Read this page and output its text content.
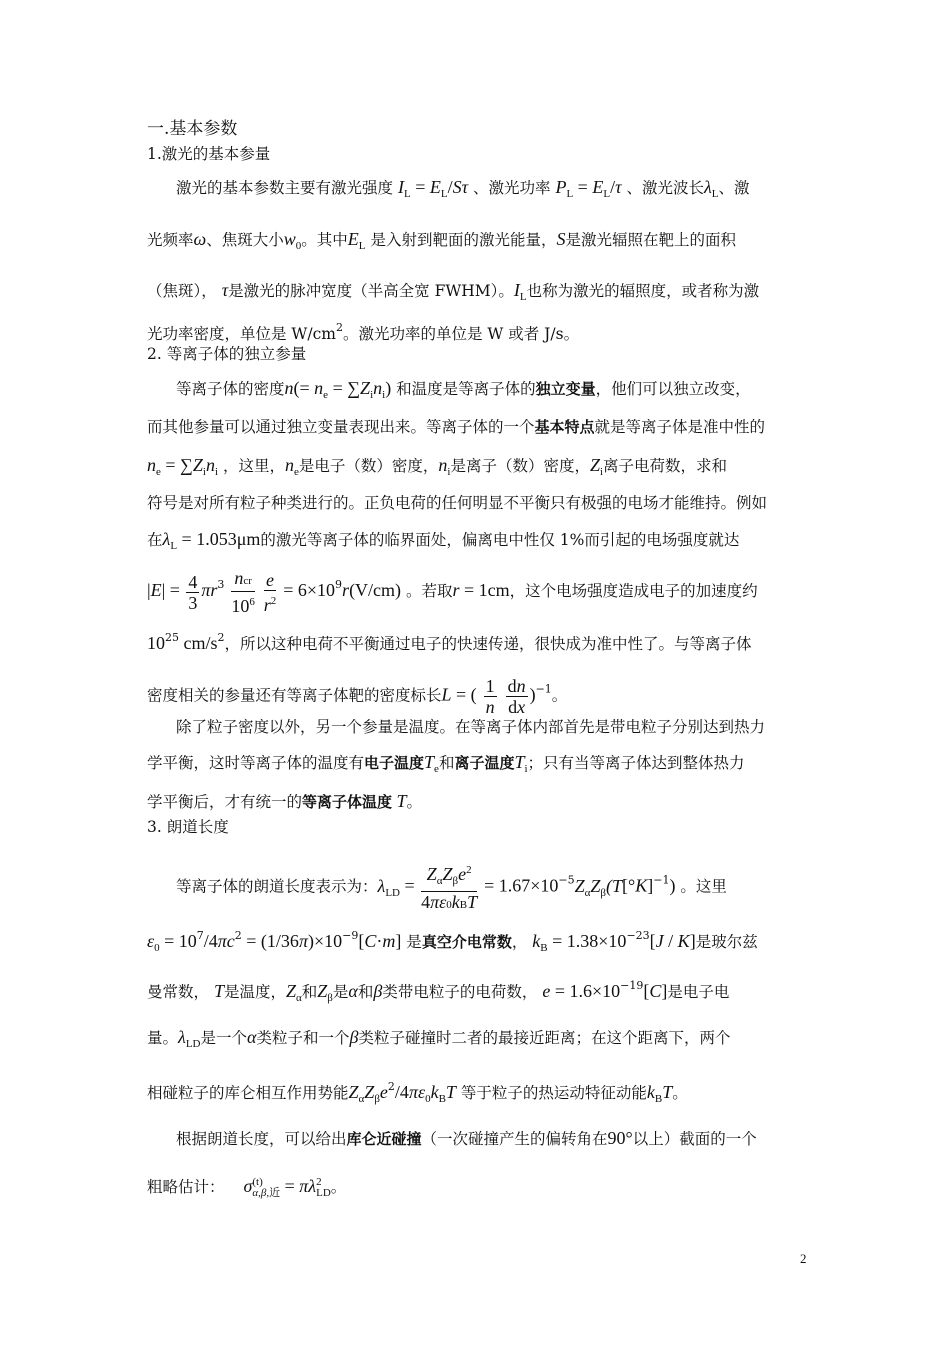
一.基本参数
1.激光的基本参量
激光的基本参数主要有激光强度 $I_L = E_L/S\tau$ 、激光功率 $P_L = E_L/\tau$ 、激光波长$\lambda_L$、激
光频率ω、焦斑大小$w_0$。其中$E_L$ 是入射到靶面的激光能量，S是激光辐照在靶上的面积
（焦斑）， τ是激光的脉冲宽度（半高全宽 FWHM）。$I_L$也称为激光的辐照度，或者称为激
光功率密度，单位是 $W/cm^2$。激光功率的单位是 W 或者 J/s。
2. 等离子体的独立参量
等离子体的密度$n(= n_e = \sum Z_in_i)$ 和温度是等离子体的独立变量，他们可以独立改变，
而其他参量可以通过独立变量表现出来。等离子体的一个基本特点就是等离子体是准中性的
$n_e = \sum Z_in_i$ ，这里，$n_e$是电子（数）密度，$n_i$是离子（数）密度，$Z_i$离子电荷数，求和
符号是对所有粒子种类进行的。正负电荷的任何明显不平衡只有极强的电场才能维持。例如
在$\lambda_L = 1.053\mu m$的激光等离子体的临界面处，偏离电中性仅 1%而引起的电场强度就达
$|E| = \frac{4}{3} \pi r^3 \frac{\text{ncr}}{10^6}$
$\frac{e}{r^2} = 6\times 10^9r(V/cm)$ 。若取r = 1cm，这个电场强度造成电子的加速度约
$10^{25}$ $cm/s^2$，所以这种电荷不平衡通过电子的快速传递，很快成为准中性了。与等离子体
密度相关的参量还有等离子体靶的密度标长L = ( $\frac{1}{n}$
$\frac{dn}{dx} )^{-1}$。
除了粒子密度以外，另一个参量是温度。在等离子体内部首先是带电粒子分别达到热力
学平衡，这时等离子体的温度有电子温度$T_e$和离子温度$T_i$；只有当等离子体达到整体热力
学平衡后，才有统一的等离子体温度 T。
3. 朗道长度
等离子体的朗道长度表示为：$\lambda_{LD} = \frac{Z_\alpha Z_\beta e^2}{\text{4πε0kBT}} = 1.67\times 10^{-5}Z_\alpha Z_\beta(T[^\circ K]^{-1})$ 。这里
$\varepsilon_0 = 10^7/4\pi c^2 = (1/36\pi)\times 10^{-9}[C\cdot m]$ 是真空介电常数， $k_B = 1.38\times 10^{-23}[J / K]$是玻尔兹
曼常数， T是温度，$Z_\alpha$和$Z_\beta$是α和β类带电粒子的电荷数， $e = 1.6\times 10^{-19}[C]$是电子电
量。$\lambda_{LD}$是一个α类粒子和一个β类粒子碰撞时二者的最接近距离；在这个距离下，两个
相碰粒子的库仑相互作用势能$Z_\alpha Z_\beta e^2/4\pi\varepsilon_0k_BT$ 等于粒子的热运动特征动能$k_BT$。
根据朗道长度，可以给出库仑近碰撞（一次碰撞产生的偏转角在90°以上）截面的一个
粗略估计： σ (t)
α,β,近 = πλ 2
LD 。
2
